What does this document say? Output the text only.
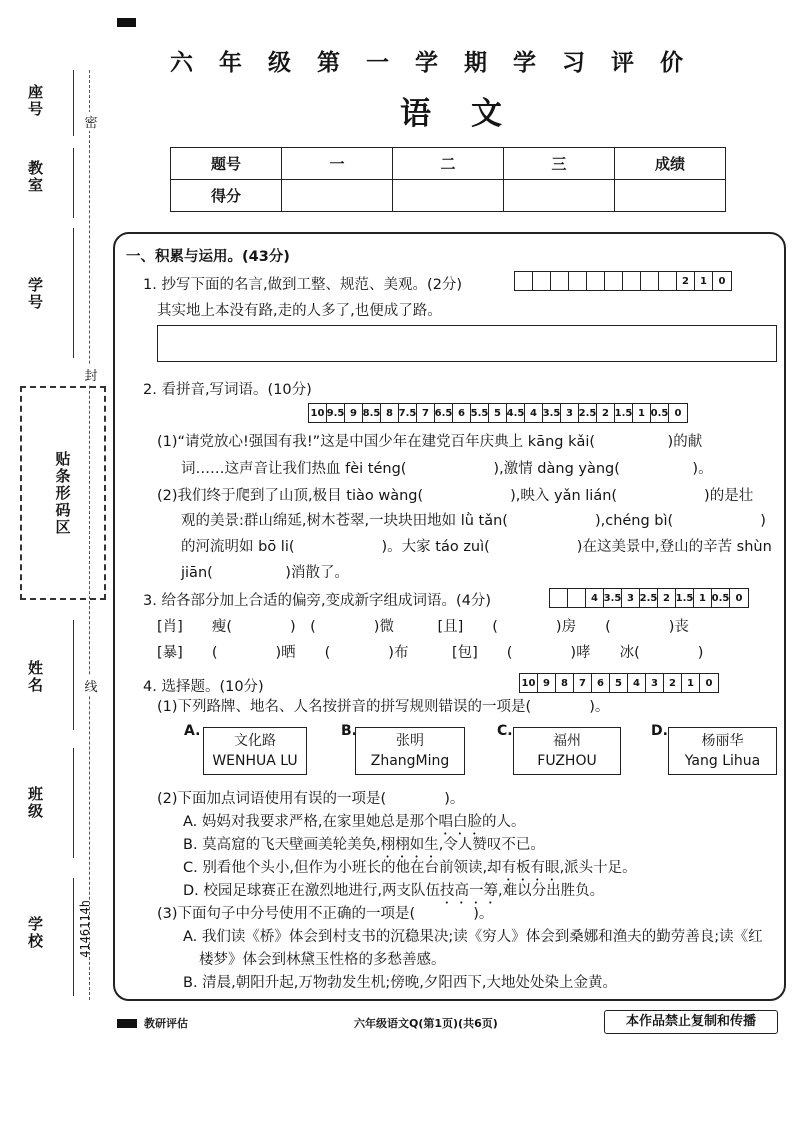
座号
教室
学号
贴条形码区
姓名
班级
学校
密
封
线
4146114h
六年级第一学期学习评价
语文
题号	一	二	三	成绩
得分				
一、积累与运用。(43分)
1. 抄写下面的名言,做到工整、规范、美观。(2分)	2	1	0
其实地上本没有路,走的人多了,也便成了路。
2. 看拼音,写词语。(10分)
10 9.5 9 8.5 8 7.5 7 6.5 6 5.5 5 4.5 4 3.5 3 2.5 2 1.5 1 0.5 0
(1)“请党放心!强国有我!”这是中国少年在建党百年庆典上 kāng kǎi(　　　　　)的献
词……这声音让我们热血 fèi téng(　　　　　　),激情 dàng yàng(　　　　　)。
(2)我们终于爬到了山顶,极目 tiào wàng(　　　　　　),映入 yǎn lián(　　　　　　)的是壮
观的美景:群山绵延,树木苍翠,一块块田地如 lǜ tǎn(　　　　　　),chéng bì(　　　　　　)
的河流明如 bō li(　　　　　　)。大家 táo zuì(　　　　　　)在这美景中,登山的辛苦 shùn
jiān(　　　　　)消散了。
3. 给各部分加上合适的偏旁,变成新字组成词语。(4分)	4 3.5 3 2.5 2 1.5 1 0.5 0
[肖]　　瘦(　　　　)　(　　　　)微　　　[且]　　(　　　　)房　　(　　　　)丧
[暴]　　(　　　　)晒　　(　　　　)布　　　[包]　　(　　　　)哮　　冰(　　　　)
4. 选择题。(10分)	10 9	8	7	6	5	4	3	2	1	0
(1)下列路牌、地名、人名按拼音的拼写规则错误的一项是(　　　　)。
A.
文化路
WENHUA LU
B.
张明
ZhangMing
C.
福州
FUZHOU
D.
杨丽华
Yang Lihua
(2)下面加点词语使用有误的一项是(　　　　)。
A. 妈妈对我要求严格,在家里她总是那个唱白脸的人。
B. 莫高窟的飞天壁画美轮美奂,栩栩如生,令人赞叹不已。
C. 别看他个头小,但作为小班长的他在台前领读,却有板有眼,派头十足。
D. 校园足球赛正在激烈地进行,两支队伍技高一筹,难以分出胜负。
(3)下面句子中分号使用不正确的一项是(　　　　)。
A. 我们读《桥》体会到村支书的沉稳果决;读《穷人》体会到桑娜和渔夫的勤劳善良;读《红
楼梦》体会到林黛玉性格的多愁善感。
B. 清晨,朝阳升起,万物勃发生机;傍晚,夕阳西下,大地处处染上金黄。
教研评估	六年级语文Q(第1页)(共6页)	本作品禁止复制和传播
